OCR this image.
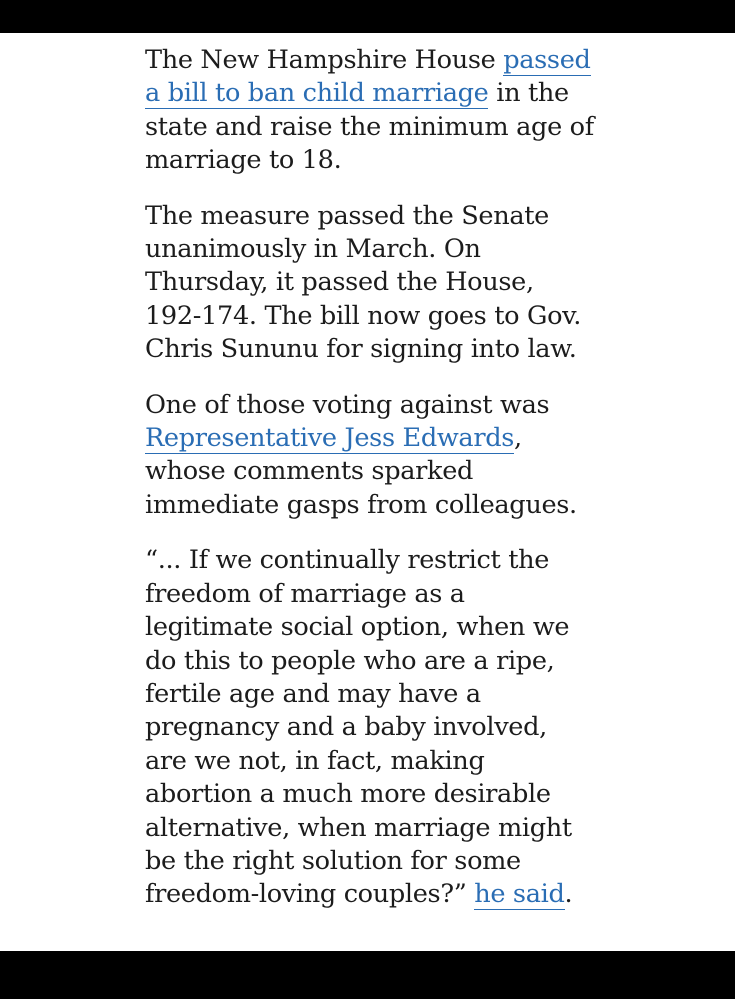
The New Hampshire House passed a bill to ban child marriage in the state and raise the minimum age of marriage to 18.

The measure passed the Senate unanimously in March. On Thursday, it passed the House, 192-174. The bill now goes to Gov. Chris Sununu for signing into law.

One of those voting against was Representative Jess Edwards, whose comments sparked immediate gasps from colleagues.

“... If we continually restrict the freedom of marriage as a legitimate social option, when we do this to people who are a ripe, fertile age and may have a pregnancy and a baby involved, are we not, in fact, making abortion a much more desirable alternative, when marriage might be the right solution for some freedom-loving couples?” he said.
